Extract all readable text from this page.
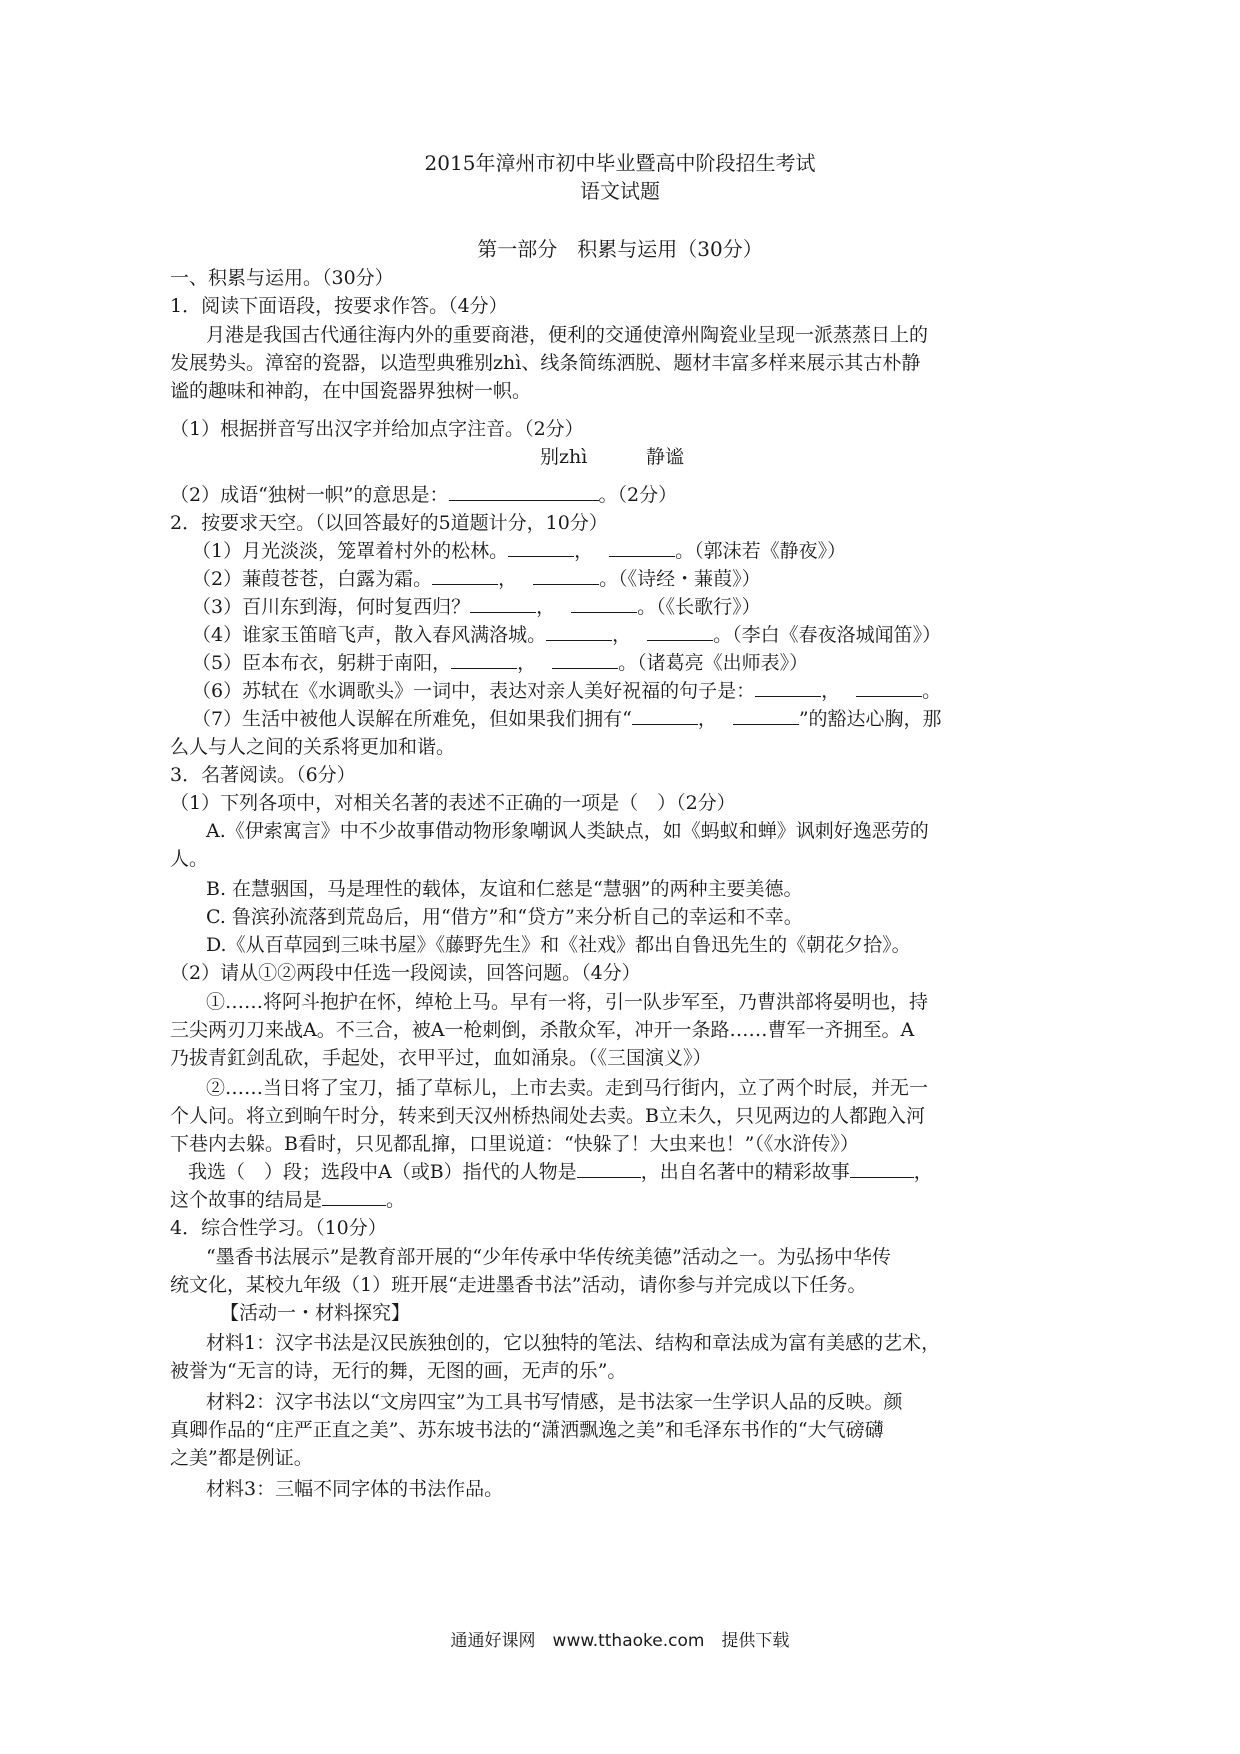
2015年漳州市初中毕业暨高中阶段招生考试
语文试题
第一部分　积累与运用（30分）
一、积累与运用。（30分）
1．阅读下面语段，按要求作答。（4分）
月港是我国古代通往海内外的重要商港，便利的交通使漳州陶瓷业呈现一派蒸蒸日上的
发展势头。漳窑的瓷器，以造型典雅别zhì、线条简练洒脱、题材丰富多样来展示其古朴静
谧的趣味和神韵，在中国瓷器界独树一帜。
（1）根据拼音写出汉字并给加点字注音。（2分）
别zhì	静谧
（2）成语“独树一帜”的意思是：	。（2分）
2．按要求天空。（以回答最好的5道题计分，10分）
（1）月光淡淡，笼罩着村外的松林。	，	。（郭沫若《静夜》）
（2）蒹葭苍苍，白露为霜。	，	。（《诗经・蒹葭》）
（3）百川东到海，何时复西归？	，	。（《长歌行》）
（4）谁家玉笛暗飞声，散入春风满洛城。	，	。（李白《春夜洛城闻笛》）
（5）臣本布衣，躬耕于南阳，	，	。（诸葛亮《出师表》）
（6）苏轼在《水调歌头》一词中，表达对亲人美好祝福的句子是：	，	。
（7）生活中被他人误解在所难免，但如果我们拥有“	，	”的豁达心胸，那
么人与人之间的关系将更加和谐。
3．名著阅读。（6分）
（1）下列各项中，对相关名著的表述不正确的一项是（　）（2分）
A.《伊索寓言》中不少故事借动物形象嘲讽人类缺点，如《蚂蚁和蝉》讽刺好逸恶劳的
人。
B. 在慧骃国，马是理性的载体，友谊和仁慈是“慧骃”的两种主要美德。
C. 鲁滨孙流落到荒岛后，用“借方”和“贷方”来分析自己的幸运和不幸。
D.《从百草园到三味书屋》《藤野先生》和《社戏》都出自鲁迅先生的《朝花夕拾》。
（2）请从①②两段中任选一段阅读，回答问题。（4分）
①……将阿斗抱护在怀，绰枪上马。早有一将，引一队步军至，乃曹洪部将晏明也，持
三尖两刃刀来战A。不三合，被A一枪刺倒，杀散众军，冲开一条路……曹军一齐拥至。A
乃拔青釭剑乱砍，手起处，衣甲平过，血如涌泉。（《三国演义》）
②……当日将了宝刀，插了草标儿，上市去卖。走到马行街内，立了两个时辰，并无一
个人问。将立到晌午时分，转来到天汉州桥热闹处去卖。B立未久，只见两边的人都跑入河
下巷内去躲。B看时，只见都乱撺，口里说道：“快躲了！大虫来也！”（《水浒传》）
我选（　）段；选段中A（或B）指代的人物是	，出自名著中的精彩故事	，
这个故事的结局是	。
4．综合性学习。（10分）
“墨香书法展示”是教育部开展的“少年传承中华传统美德”活动之一。为弘扬中华传
统文化，某校九年级（1）班开展“走进墨香书法”活动，请你参与并完成以下任务。
【活动一・材料探究】
材料1：汉字书法是汉民族独创的，它以独特的笔法、结构和章法成为富有美感的艺术，
被誉为“无言的诗，无行的舞，无图的画，无声的乐”。
材料2：汉字书法以“文房四宝”为工具书写情感，是书法家一生学识人品的反映。颜
真卿作品的“庄严正直之美”、苏东坡书法的“潇洒飘逸之美”和毛泽东书作的“大气磅礴
之美”都是例证。
材料3：三幅不同字体的书法作品。
通通好课网　www.tthaoke.com　提供下载
